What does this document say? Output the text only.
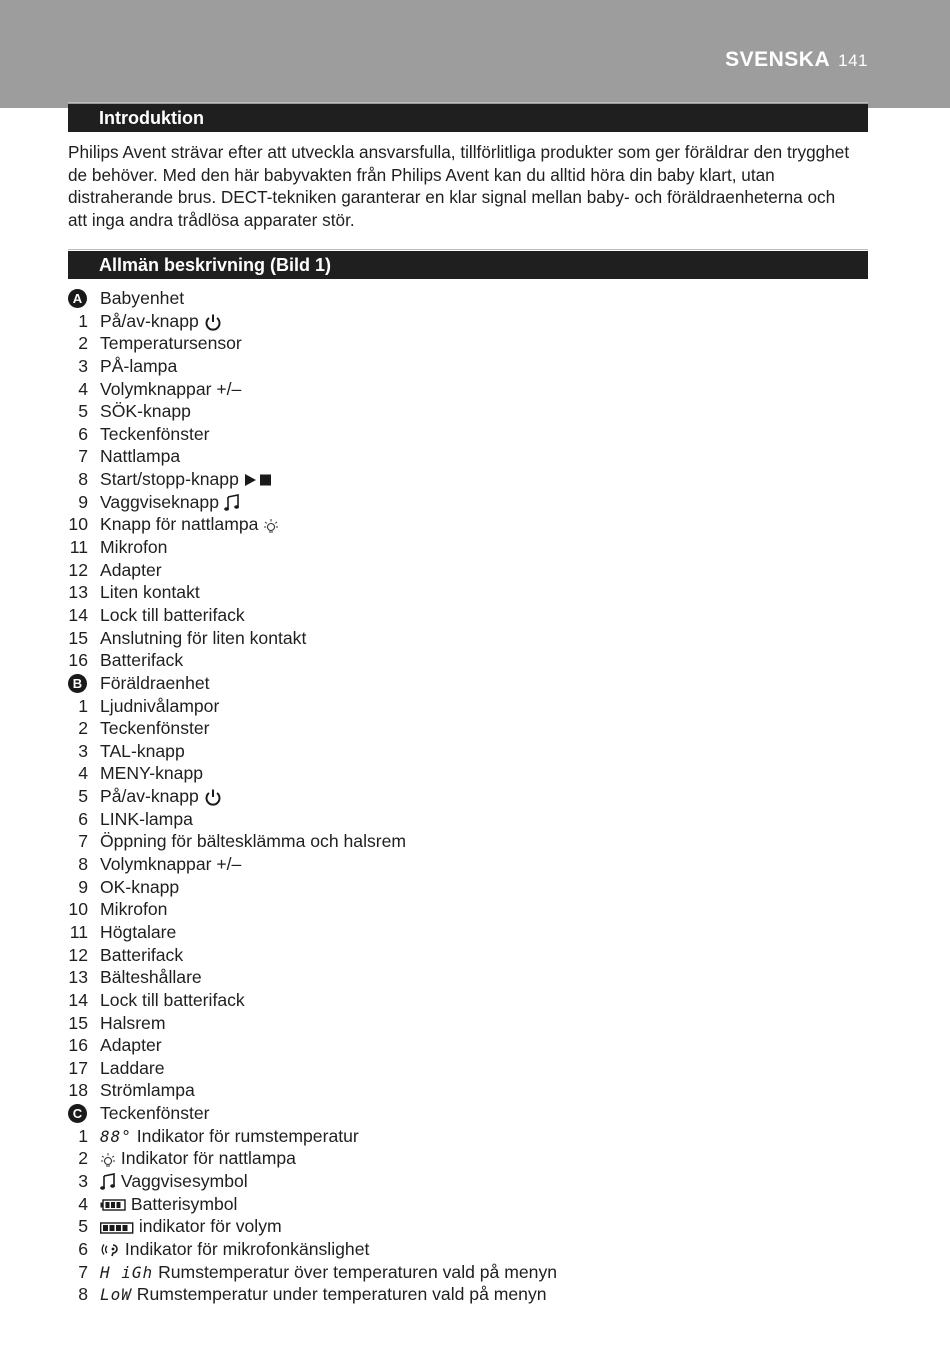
SVENSKA 141
Introduktion
Philips Avent strävar efter att utveckla ansvarsfulla, tillförlitliga produkter som ger föräldrar den trygghet de behöver. Med den här babyvakten från Philips Avent kan du alltid höra din baby klart, utan distraherande brus. DECT-tekniken garanterar en klar signal mellan baby- och föräldraenheterna och att inga andra trådlösa apparater stör.
Allmän beskrivning (Bild 1)
A Babyenhet
1 På/av-knapp
2 Temperatursensor
3 PÅ-lampa
4 Volymknappar +/–
5 SÖK-knapp
6 Teckenfönster
7 Nattlampa
8 Start/stopp-knapp
9 Vaggviseknapp
10 Knapp för nattlampa
11 Mikrofon
12 Adapter
13 Liten kontakt
14 Lock till batterifack
15 Anslutning för liten kontakt
16 Batterifack
B Föräldraenhet
1 Ljudnivålampor
2 Teckenfönster
3 TAL-knapp
4 MENY-knapp
5 På/av-knapp
6 LINK-lampa
7 Öppning för bältesklämma och halsrem
8 Volymknappar +/–
9 OK-knapp
10 Mikrofon
11 Högtalare
12 Batterifack
13 Bälteshållare
14 Lock till batterifack
15 Halsrem
16 Adapter
17 Laddare
18 Strömlampa
C Teckenfönster
1 88° Indikator för rumstemperatur
2	Indikator för nattlampa
3	Vaggvisesymbol
4	Batterisymbol
5	indikator för volym
6	Indikator för mikrofonkänslighet
7 H iGh Rumstemperatur över temperaturen vald på menyn
8 LoW Rumstemperatur under temperaturen vald på menyn
